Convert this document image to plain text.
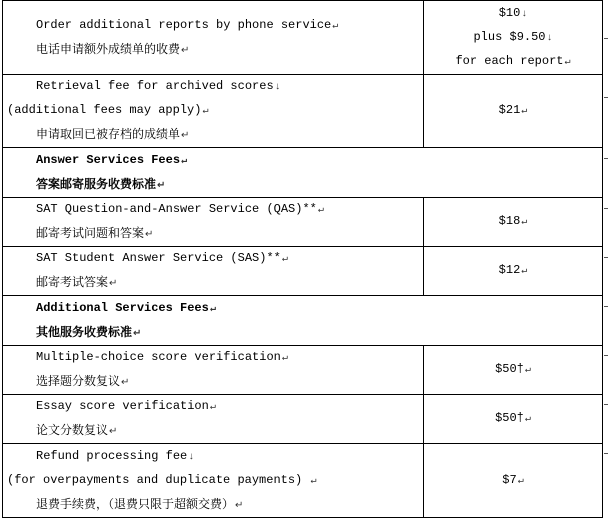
Order additional reports by phone service↵
电话申请额外成绩单的收费↵	$10↓
plus $9.50↓
for each report↵

Retrieval fee for archived scores↓
(additional fees may apply)↵
申请取回已被存档的成绩单↵	$21↵

Answer Services Fees↵
答案邮寄服务收费标准↵	

SAT Question-and-Answer Service (QAS)**↵
邮寄考试问题和答案↵	$18↵

SAT Student Answer Service (SAS)**↵
邮寄考试答案↵	$12↵

Additional Services Fees↵
其他服务收费标准↵	

Multiple-choice score verification↵
选择题分数复议↵	$50†↵

Essay score verification↵
论文分数复议↵	$50†↵

Refund processing fee↓
(for overpayments and duplicate payments) ↵
退费手续费，（退费只限于超额交费）↵	$7↵
